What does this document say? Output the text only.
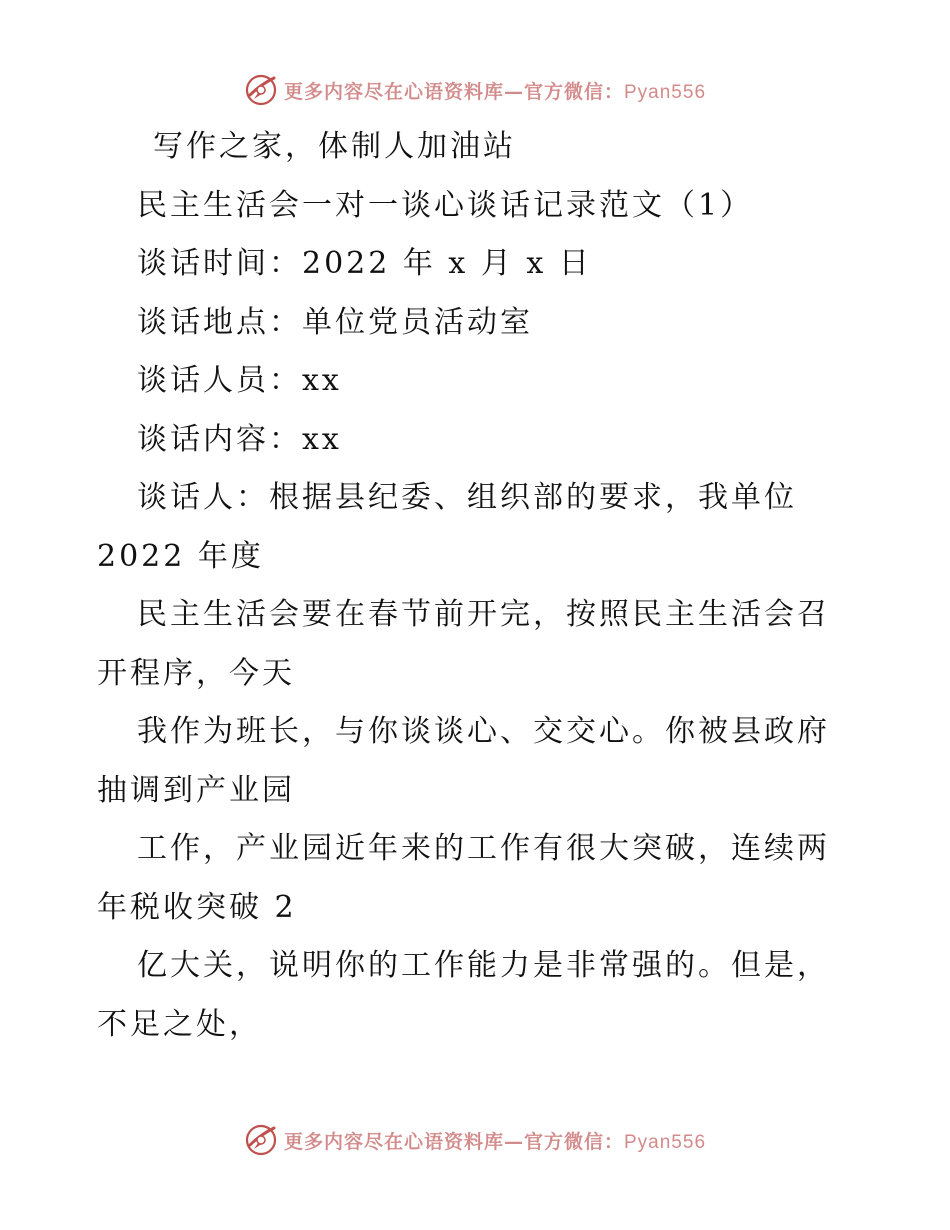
更多内容尽在心语资料库—官方微信：Pyan556
写作之家，体制人加油站
民主生活会一对一谈心谈话记录范文（1）
谈话时间：2022 年 x 月 x 日
谈话地点：单位党员活动室
谈话人员：xx
谈话内容：xx
谈话人：根据县纪委、组织部的要求，我单位
2022 年度
民主生活会要在春节前开完，按照民主生活会召
开程序，今天
我作为班长，与你谈谈心、交交心。你被县政府
抽调到产业园
工作，产业园近年来的工作有很大突破，连续两
年税收突破 2
亿大关，说明你的工作能力是非常强的。但是，
不足之处，
更多内容尽在心语资料库—官方微信：Pyan556
